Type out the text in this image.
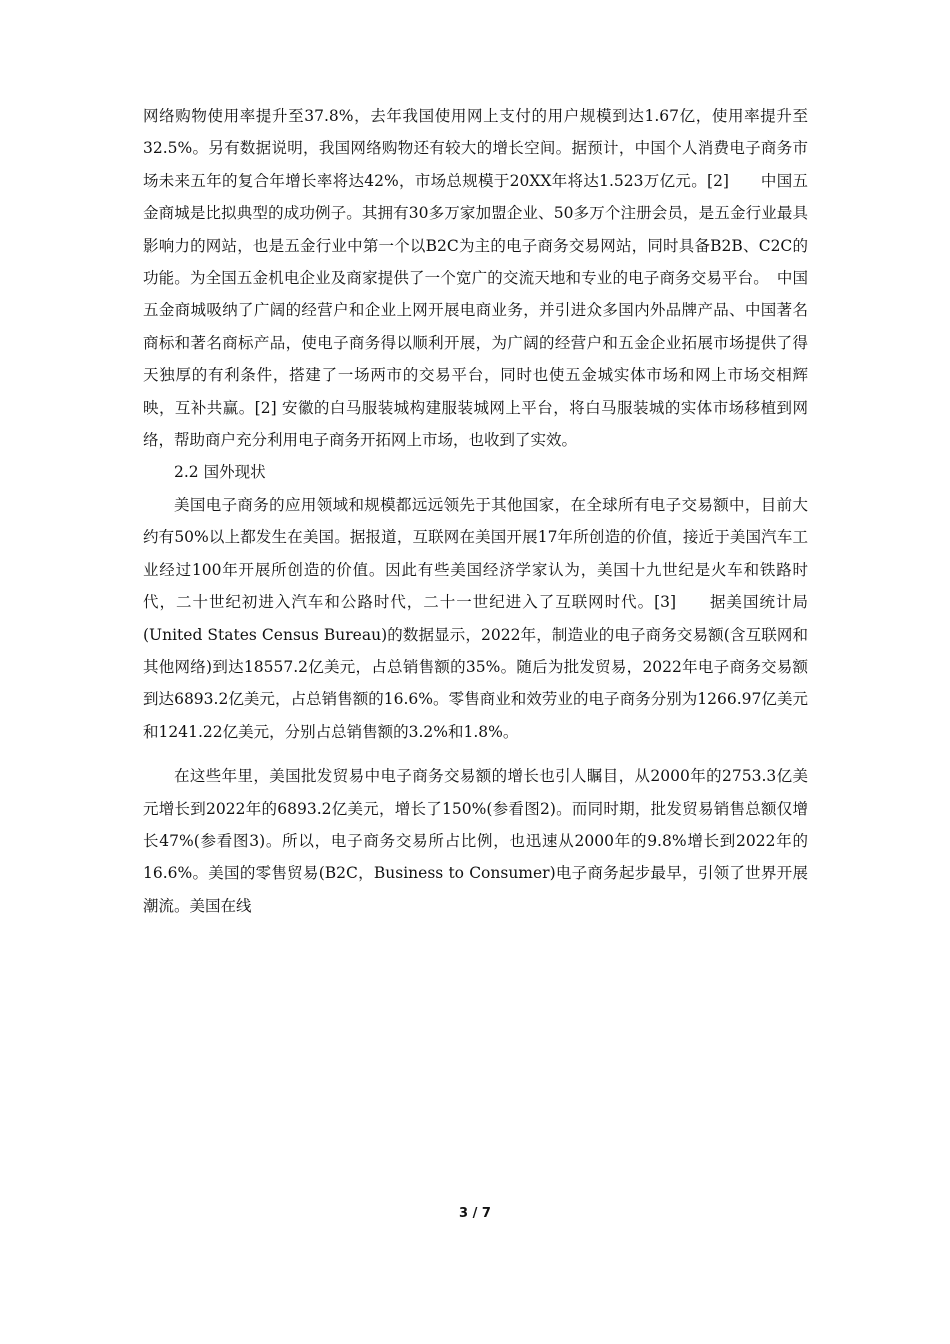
网络购物使用率提升至37.8%，去年我国使用网上支付的用户规模到达1.67亿，使用率提升至32.5%。另有数据说明，我国网络购物还有较大的增长空间。据预计，中国个人消费电子商务市场未来五年的复合年增长率将达42%，市场总规模于20XX年将达1.523万亿元。[2]　　中国五金商城是比拟典型的成功例子。其拥有30多万家加盟企业、50多万个注册会员，是五金行业最具影响力的网站，也是五金行业中第一个以B2C为主的电子商务交易网站，同时具备B2B、C2C的功能。为全国五金机电企业及商家提供了一个宽广的交流天地和专业的电子商务交易平台。　中国五金商城吸纳了广阔的经营户和企业上网开展电商业务，并引进众多国内外品牌产品、中国著名商标和著名商标产品，使电子商务得以顺利开展，为广阔的经营户和五金企业拓展市场提供了得天独厚的有利条件，搭建了一场两市的交易平台，同时也使五金城实体市场和网上市场交相辉映，互补共赢。[2] 安徽的白马服装城构建服装城网上平台，将白马服装城的实体市场移植到网络，帮助商户充分利用电子商务开拓网上市场，也收到了实效。

2.2 国外现状

美国电子商务的应用领域和规模都远远领先于其他国家，在全球所有电子交易额中，目前大约有50%以上都发生在美国。据报道，互联网在美国开展17年所创造的价值，接近于美国汽车工业经过100年开展所创造的价值。因此有些美国经济学家认为，美国十九世纪是火车和铁路时代，二十世纪初进入汽车和公路时代，二十一世纪进入了互联网时代。[3]　　据美国统计局(United States Census Bureau)的数据显示，2022年，制造业的电子商务交易额(含互联网和其他网络)到达18557.2亿美元，占总销售额的35%。随后为批发贸易，2022年电子商务交易额到达6893.2亿美元，占总销售额的16.6%。零售商业和效劳业的电子商务分别为1266.97亿美元和1241.22亿美元，分别占总销售额的3.2%和1.8%。

在这些年里，美国批发贸易中电子商务交易额的增长也引人瞩目，从2000年的2753.3亿美元增长到2022年的6893.2亿美元，增长了150%(参看图2)。而同时期，批发贸易销售总额仅增长47%(参看图3)。所以，电子商务交易所占比例，也迅速从2000年的9.8%增长到2022年的16.6%。美国的零售贸易(B2C，Business to Consumer)电子商务起步最早，引领了世界开展潮流。美国在线

3 / 7
